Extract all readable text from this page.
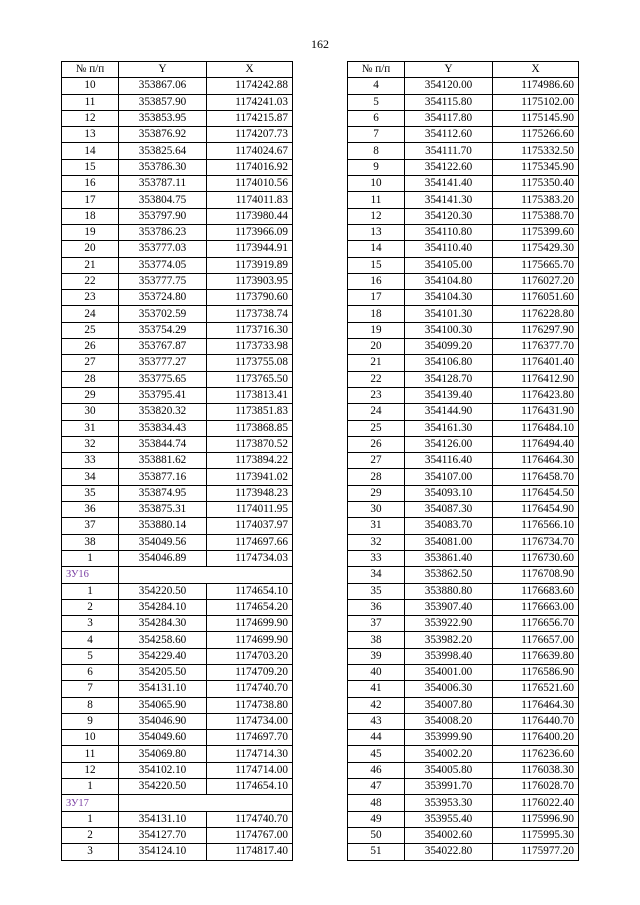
162
№ п/п	Y	X
10	353867.06	1174242.88
11	353857.90	1174241.03
12	353853.95	1174215.87
13	353876.92	1174207.73
14	353825.64	1174024.67
15	353786.30	1174016.92
16	353787.11	1174010.56
17	353804.75	1174011.83
18	353797.90	1173980.44
19	353786.23	1173966.09
20	353777.03	1173944.91
21	353774.05	1173919.89
22	353777.75	1173903.95
23	353724.80	1173790.60
24	353702.59	1173738.74
25	353754.29	1173716.30
26	353767.87	1173733.98
27	353777.27	1173755.08
28	353775.65	1173765.50
29	353795.41	1173813.41
30	353820.32	1173851.83
31	353834.43	1173868.85
32	353844.74	1173870.52
33	353881.62	1173894.22
34	353877.16	1173941.02
35	353874.95	1173948.23
36	353875.31	1174011.95
37	353880.14	1174037.97
38	354049.56	1174697.66
1	354046.89	1174734.03
ЗУ16		
1	354220.50	1174654.10
2	354284.10	1174654.20
3	354284.30	1174699.90
4	354258.60	1174699.90
5	354229.40	1174703.20
6	354205.50	1174709.20
7	354131.10	1174740.70
8	354065.90	1174738.80
9	354046.90	1174734.00
10	354049.60	1174697.70
11	354069.80	1174714.30
12	354102.10	1174714.00
1	354220.50	1174654.10
ЗУ17		
1	354131.10	1174740.70
2	354127.70	1174767.00
3	354124.10	1174817.40
№ п/п	Y	X
4	354120.00	1174986.60
5	354115.80	1175102.00
6	354117.80	1175145.90
7	354112.60	1175266.60
8	354111.70	1175332.50
9	354122.60	1175345.90
10	354141.40	1175350.40
11	354141.30	1175383.20
12	354120.30	1175388.70
13	354110.80	1175399.60
14	354110.40	1175429.30
15	354105.00	1175665.70
16	354104.80	1176027.20
17	354104.30	1176051.60
18	354101.30	1176228.80
19	354100.30	1176297.90
20	354099.20	1176377.70
21	354106.80	1176401.40
22	354128.70	1176412.90
23	354139.40	1176423.80
24	354144.90	1176431.90
25	354161.30	1176484.10
26	354126.00	1176494.40
27	354116.40	1176464.30
28	354107.00	1176458.70
29	354093.10	1176454.50
30	354087.30	1176454.90
31	354083.70	1176566.10
32	354081.00	1176734.70
33	353861.40	1176730.60
34	353862.50	1176708.90
35	353880.80	1176683.60
36	353907.40	1176663.00
37	353922.90	1176656.70
38	353982.20	1176657.00
39	353998.40	1176639.80
40	354001.00	1176586.90
41	354006.30	1176521.60
42	354007.80	1176464.30
43	354008.20	1176440.70
44	353999.90	1176400.20
45	354002.20	1176236.60
46	354005.80	1176038.30
47	353991.70	1176028.70
48	353953.30	1176022.40
49	353955.40	1175996.90
50	354002.60	1175995.30
51	354022.80	1175977.20
